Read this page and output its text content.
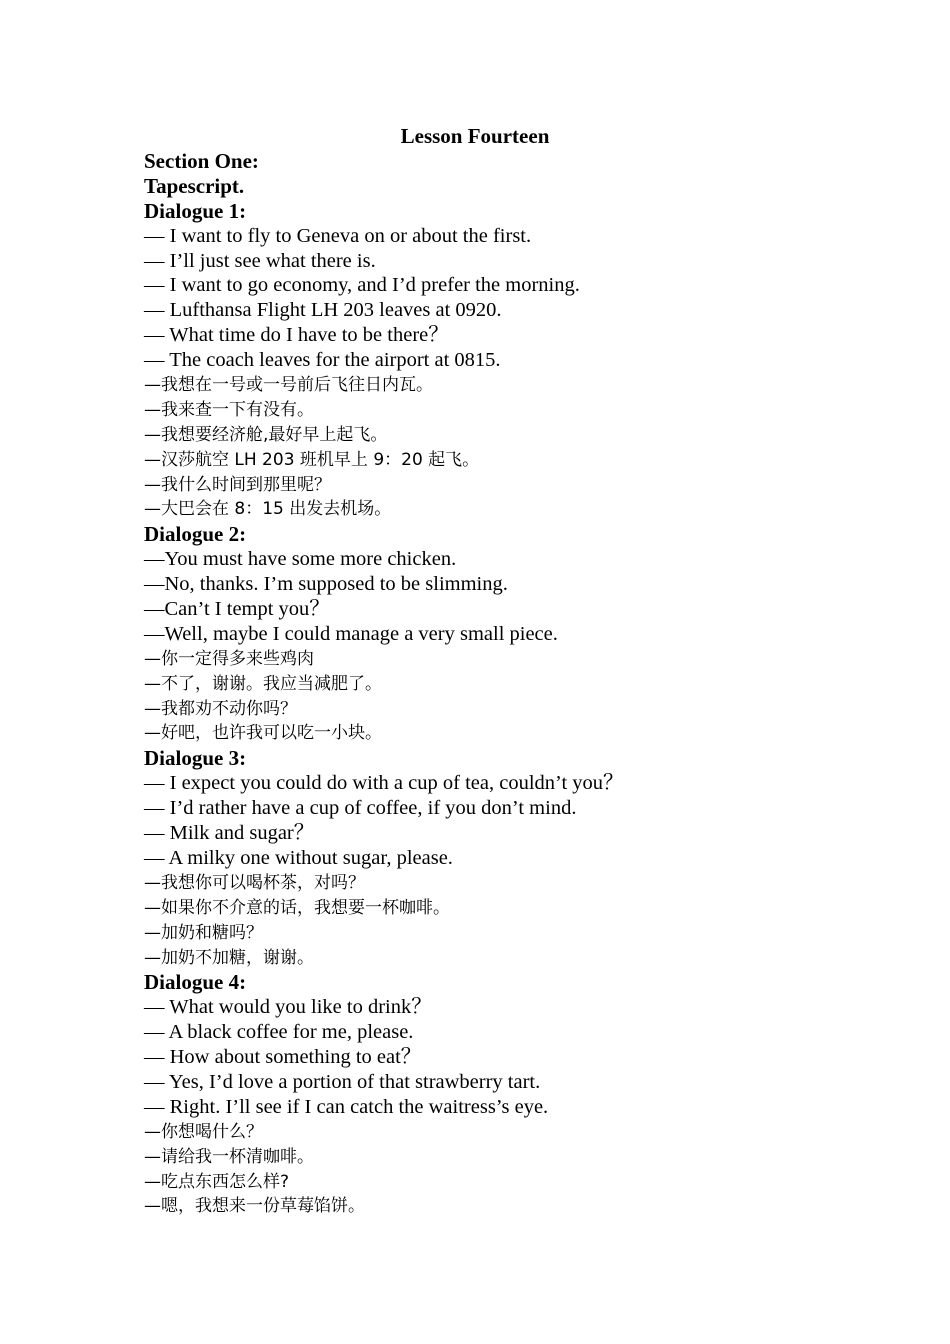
Lesson Fourteen
Section One:
Tapescript.
Dialogue 1:
— I want to fly to Geneva on or about the first.
— I’ll just see what there is.
— I want to go economy, and I’d prefer the morning.
— Lufthansa Flight LH 203 leaves at 0920.
— What time do I have to be there？
— The coach leaves for the airport at 0815.
—我想在一号或一号前后飞往日内瓦。
—我来查一下有没有。
—我想要经济舱,最好早上起飞。
—汉莎航空 LH 203 班机早上 9：20 起飞。
—我什么时间到那里呢？
—大巴会在 8：15 出发去机场。
Dialogue 2:
—You must have some more chicken.
—No, thanks. I’m supposed to be slimming.
—Can’t I tempt you？
—Well, maybe I could manage a very small piece.
—你一定得多来些鸡肉
—不了，谢谢。我应当减肥了。
—我都劝不动你吗？
—好吧，也许我可以吃一小块。
Dialogue 3:
— I expect you could do with a cup of tea, couldn’t you？
— I’d rather have a cup of coffee, if you don’t mind.
— Milk and sugar？
— A milky one without sugar, please.
—我想你可以喝杯茶，对吗？
—如果你不介意的话，我想要一杯咖啡。
—加奶和糖吗？
—加奶不加糖，谢谢。
Dialogue 4:
— What would you like to drink？
— A black coffee for me, please.
— How about something to eat？
— Yes, I’d love a portion of that strawberry tart.
— Right. I’ll see if I can catch the waitress’s eye.
—你想喝什么？
—请给我一杯清咖啡。
—吃点东西怎么样?
—嗯，我想来一份草莓馅饼。
